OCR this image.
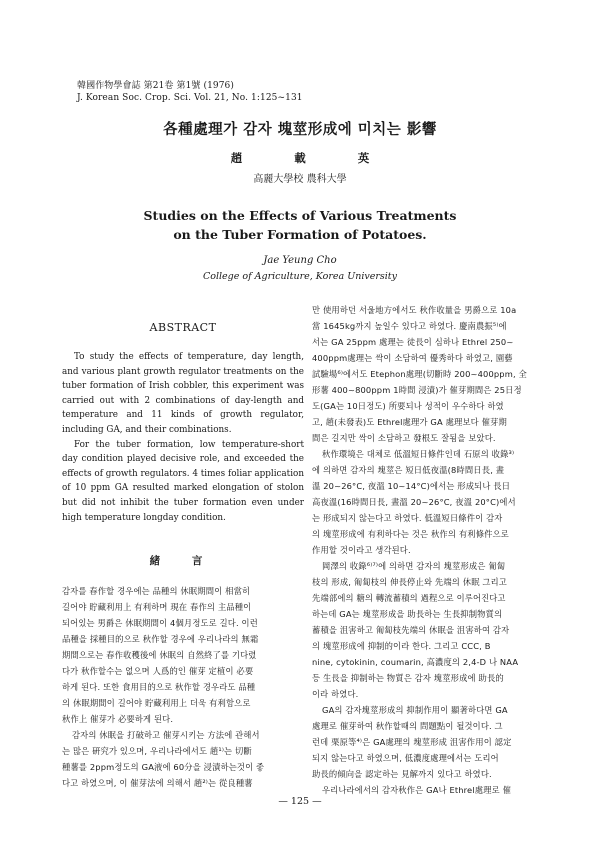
韓國作物學會誌 第21卷 第1號 (1976)
J. Korean Soc. Crop. Sci. Vol. 21, No. 1:125~131
各種處理가 감자 塊莖形成에 미치는 影響
趙	載	英
高麗大學校 農科大學
Studies on the Effects of Various Treatments
on the Tuber Formation of Potatoes.
Jae Yeung Cho
College of Agriculture, Korea University
ABSTRACT

To study the effects of temperature, day length, and various plant growth regulator treatments on the tuber formation of Irish cobbler, this experiment was carried out with 2 combinations of day-length and temperature and 11 kinds of growth regulator, including GA, and their combinations.

For the tuber formation, low temperature-short day condition played decisive role, and exceeded the effects of growth regulators. 4 times foliar application of 10 ppm GA resulted marked elongation of stolon but did not inhibit the tuber formation even under high temperature longday condition.

緒 言
감자를 春作할 경우에는 品種의 休眠期間이 相當히
길어야 貯藏利用上 有利하며 現在 春作의 主品種이
되어있는 男爵은 休眠期間이 4個月정도로 길다. 이런
品種을 採種目的으로 秋作할 경우에 우리나라의 無霜
期間으로는 春作收穫後에 休眠의 自然終了를 기다렸
다가 秋作할수는 없으며 人爲的인 催芽 定植이 必要
하게 된다. 또한 食用目的으로 秋作할 경우라도 品種
의 休眠期間이 길어야 貯藏利用上 더욱 有利함으로
秋作上 催芽가 必要하게 된다.
감자의 休眠을 打破하고 催芽시키는 方法에 관해서
는 많은 硏究가 있으며, 우리나라에서도 趙¹⁾는 切斷
種薯를 2ppm정도의 GA液에 60分을 浸漬하는것이 좋
다고 하였으며, 이 催芽法에 의해서 趙²⁾는 從良種薯
만 使用하던 서울地方에서도 秋作收量을 男爵으로 10a
當 1645kg까지 높일수 있다고 하였다. 慶南農振⁵⁾에
서는 GA 25ppm 處理는 徒長이 심하나 Ethrel 250~
400ppm處理는 싹이 소담하여 優秀하다 하였고, 園藝
試驗場⁶⁾에서도 Etephon處理(切斷時 200~400ppm, 全
形薯 400~800ppm 1時間 浸漬)가 催芽期間은 25日정
도(GA는 10日정도) 所要되나 성적이 우수하다 하였
고, 趙(未發表)도 Ethrel處理가 GA 處理보다 催芽期
間은 길지만 싹이 소담하고 發根도 잘됨을 보았다.
秋作環境은 대체로 低溫短日條件인데 石原의 收錄³⁾
에 의하면 감자의 塊莖은 短日低夜溫(8時間日長, 晝
溫 20~26°C, 夜溫 10~14°C)에서는 形成되나 長日
高夜溫(16時間日長, 晝溫 20~26°C, 夜溫 20°C)에서
는 形成되지 않는다고 하였다. 低溫短日條件이 감자
의 塊莖形成에 有利하다는 것은 秋作의 有利條件으로
作用할 것이라고 생각된다.
岡澤의 收錄⁶⁾⁷⁾에 의하면 감자의 塊莖形成은 匍匐
枝의 形成, 匍匐枝의 伸長停止와 先端의 休眠 그리고
先端部에의 糖의 轉流蓄積의 過程으로 이루어진다고
하는데 GA는 塊莖形成을 助長하는 生長抑制物質의
蓄積을 沮害하고 匍匐枝先端의 休眠을 沮害하여 감자
의 塊莖形成에 抑制的이라 한다. 그리고 CCC, B
nine, cytokinin, coumarin, 高濃度의 2,4-D 나 NAA
등 生長을 抑制하는 物質은 감자 塊莖形成에 助長的
이라 하였다.
GA의 감자塊莖形成의 抑制作用이 顯著하다면 GA
處理로 催芽하여 秋作할때의 問題點이 될것이다. 그
런데 栗原等⁴⁾은 GA處理의 塊莖形成 沮害作用이 認定
되지 않는다고 하였으며, 低濃度處理에서는 도리어
助長的傾向을 認定하는 見解까지 있다고 하였다.
우리나라에서의 감자秋作은 GA나 Ethrel處理로 催
— 125 —
